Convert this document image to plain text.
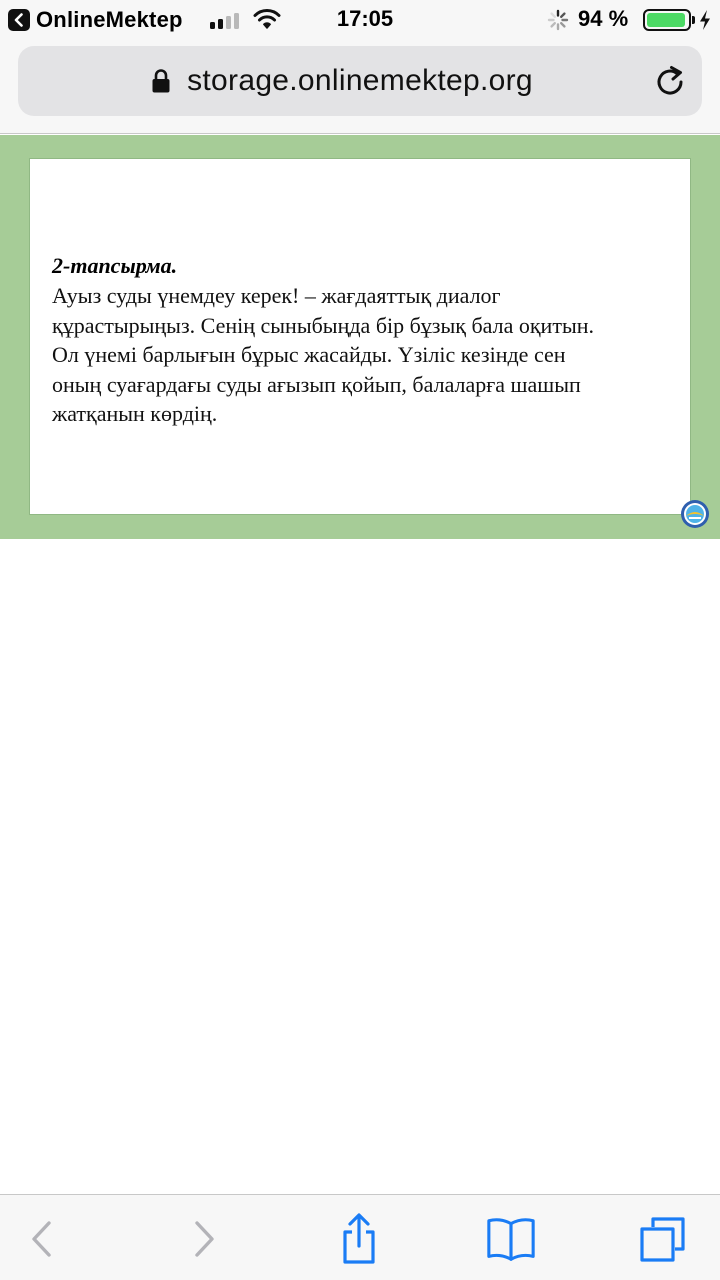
OnlineMektep	17:05	94 %
storage.onlinemektep.org
2-тапсырма.
Ауыз суды үнемдеу керек! – жағдаяттық диалог
құрастырыңыз. Сенің сыныбыңда бір бұзық бала оқитын.
Ол үнемі барлығын бұрыс жасайды. Үзіліс кезінде сен
оның суағардағы суды ағызып қойып, балаларға шашып
жатқанын көрдің.
